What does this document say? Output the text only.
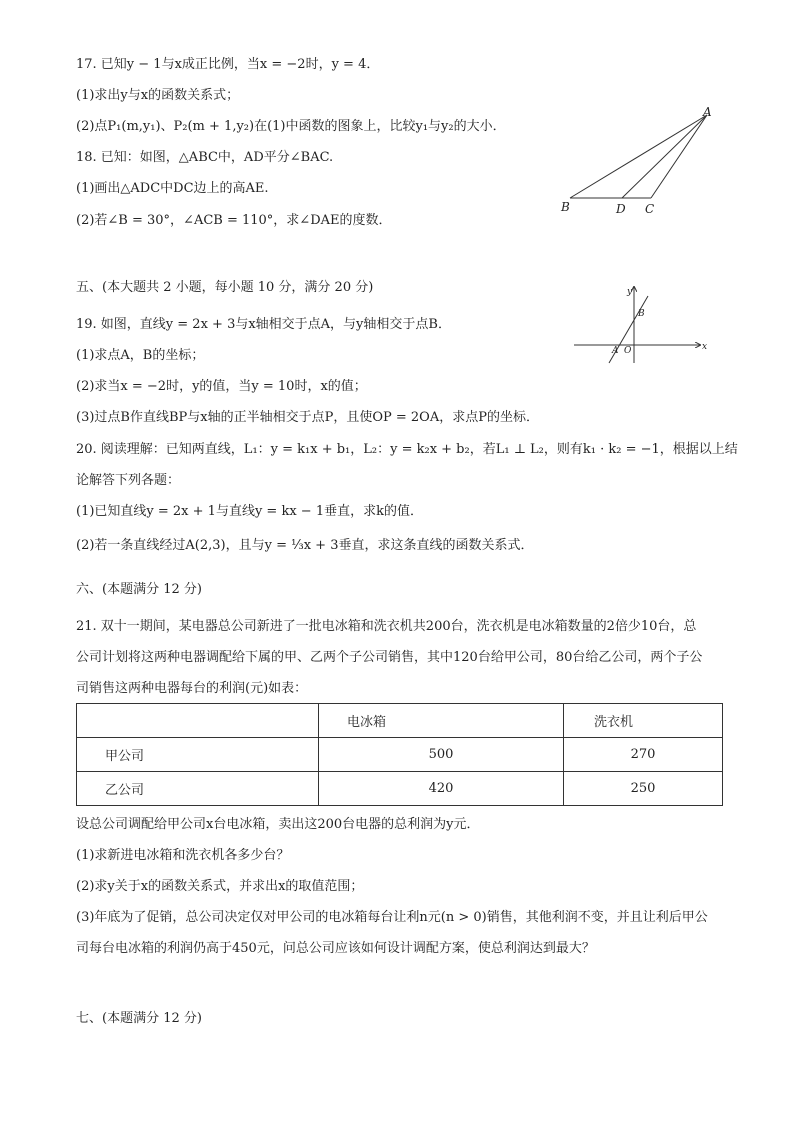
17. 已知y − 1与x成正比例，当x = −2时，y = 4．
(1)求出y与x的函数关系式；
(2)点P₁(m,y₁)、P₂(m + 1,y₂)在(1)中函数的图象上，比较y₁与y₂的大小．
18. 已知：如图，△ABC中，AD平分∠BAC.
(1)画出△ADC中DC边上的高AE.
(2)若∠B = 30°，∠ACB = 110°，求∠DAE的度数．
A
B	D C
五、(本大题共 2 小题，每小题 10 分，满分 20 分)
19. 如图，直线y = 2x + 3与x轴相交于点A，与y轴相交于点B．
(1)求点A，B的坐标；
(2)求当x = −2时，y的值，当y = 10时，x的值；
(3)过点B作直线BP与x轴的正半轴相交于点P，且使OP = 2OA，求点P的坐标．
y
x
B
A O
20. 阅读理解：已知两直线，L₁：y = k₁x + b₁，L₂：y = k₂x + b₂，若L₁ ⊥ L₂，则有k₁ · k₂ = −1，根据以上结
论解答下列各题：
(1)已知直线y = 2x + 1与直线y = kx − 1垂直，求k的值．
(2)若一条直线经过A(2,3)，且与y = ⅓x + 3垂直，求这条直线的函数关系式．
六、(本题满分 12 分)
21. 双十一期间，某电器总公司新进了一批电冰箱和洗衣机共200台，洗衣机是电冰箱数量的2倍少10台，总
公司计划将这两种电器调配给下属的甲、乙两个子公司销售，其中120台给甲公司，80台给乙公司，两个子公
司销售这两种电器每台的利润(元)如表：
	电冰箱	洗衣机
甲公司	500	270
乙公司	420	250
设总公司调配给甲公司x台电冰箱，卖出这200台电器的总利润为y元．
(1)求新进电冰箱和洗衣机各多少台？
(2)求y关于x的函数关系式，并求出x的取值范围；
(3)年底为了促销，总公司决定仅对甲公司的电冰箱每台让利n元(n > 0)销售，其他利润不变，并且让利后甲公
司每台电冰箱的利润仍高于450元，问总公司应该如何设计调配方案，使总利润达到最大？
七、(本题满分 12 分)
